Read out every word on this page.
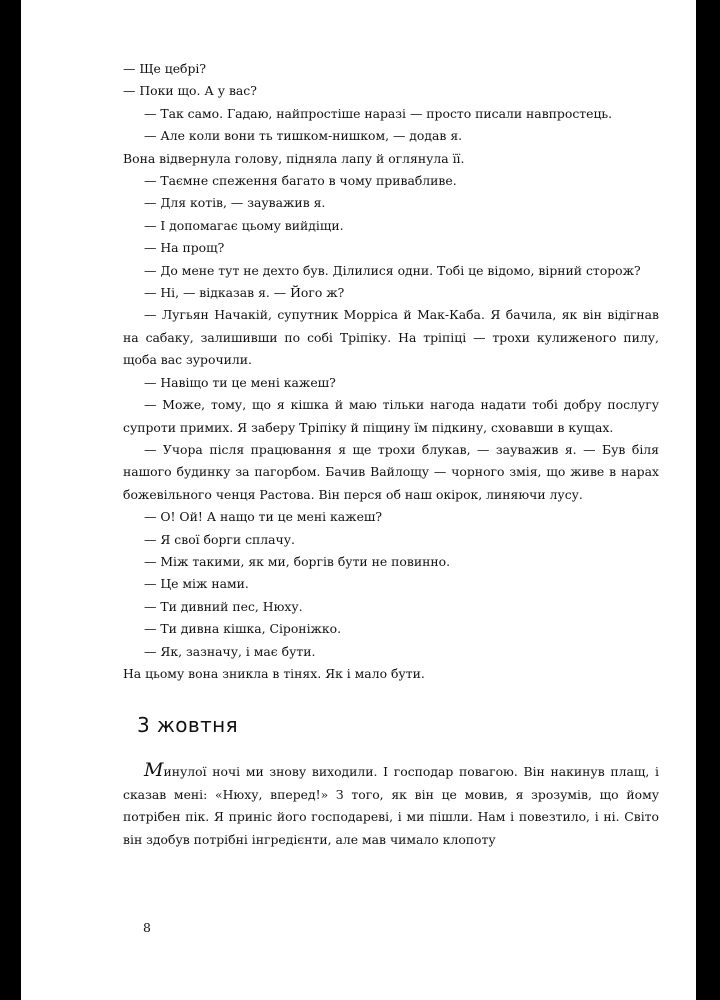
— Ще цебрі?

— Поки що. А у вас?

— Так само. Гадаю, найпростіше наразі — просто писали навпростець.

— Але коли вони ть тишком-нишком, — додав я.

Вона відвернула голову, підняла лапу й оглянула її.

— Таємне спеження багато в чому привабливе.

— Для котів, — зауважив я.

— І допомагає цьому вийдіщи.

— На прощ?

— До мене тут не дехто був. Ділилися одни. Тобі це відомо, вірний сторож?

— Ні, — відказав я. — Його ж?

— Лугьян Начакій, супутник Морріса й Мак-Каба. Я бачила, як він відігнав на сабаку, залишивши по собі Тріпіку. На тріпіці — трохи кулиженого пилу, щоба вас зурочили.

— Навіщо ти це мені кажеш?

— Може, тому, що я кішка й маю тільки нагода надати тобі добру послугу супроти примих. Я заберу Тріпіку й піщину їм підкину, сховавши в кущах.

— Учора після працювання я ще трохи блукав, — зауважив я. — Був біля нашого будинку за пагорбом. Бачив Вайлощу — чорного змія, що живе в нарах божевільного ченця Растова. Він перся об наш окірок, линяючи лусу.

— О! Ой! А нащо ти це мені кажеш?

— Я свої борги сплачу.

— Між такими, як ми, боргів бути не повинно.

— Це між нами.

— Ти дивний пес, Нюху.

— Ти дивна кішка, Сіроніжко.

— Як, зазначу, і має бути.

На цьому вона зникла в тінях. Як і мало бути.

3 жовтня

Минулої ночі ми знову виходили. І господар повагою. Він накинув плащ, і сказав мені: «Нюху, вперед!» З того, як він це мовив, я зрозумів, що йому потрібен пік. Я приніс його господареві, і ми пішли. Нам і повезтило, і ні. Світо він здобув потрібні інгредієнти, але мав чимало клопоту

8
